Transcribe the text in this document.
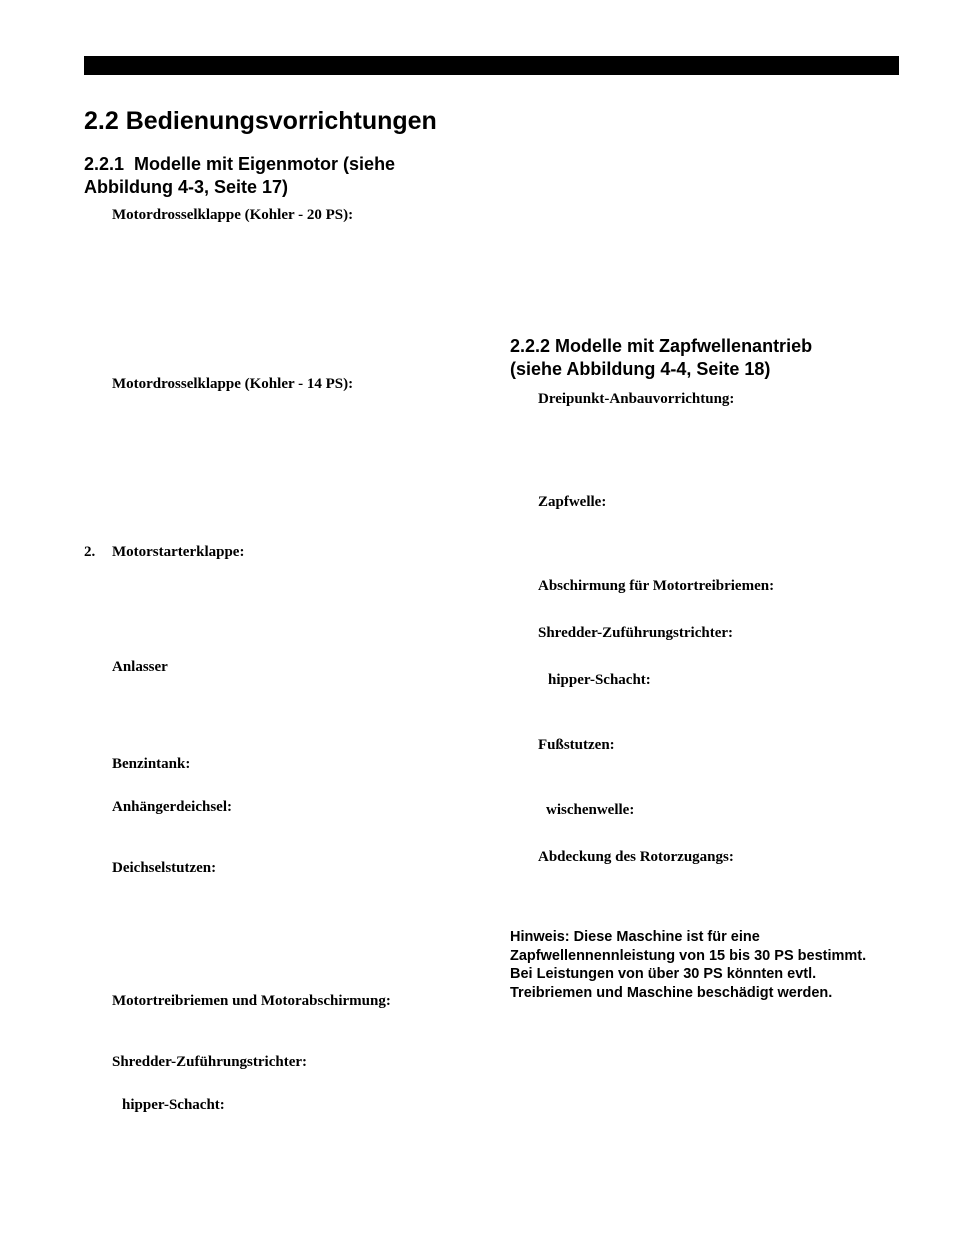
2.2 Bedienungsvorrichtungen
2.2.1  Modelle mit Eigenmotor (siehe
Abbildung 4-3, Seite 17)
Motordrosselklappe (Kohler - 20 PS):
Motordrosselklappe (Kohler - 14 PS):
2. Motorstarterklappe:
Anlasser
Benzintank:
Anhängerdeichsel:
Deichselstutzen:
Motortreibriemen und Motorabschirmung:
Shredder-Zuführungstrichter:
hipper-Schacht:
2.2.2 Modelle mit Zapfwellenantrieb
(siehe Abbildung 4-4, Seite 18)
Dreipunkt-Anbauvorrichtung:
Zapfwelle:
Abschirmung für Motortreibriemen:
Shredder-Zuführungstrichter:
hipper-Schacht:
Fußstutzen:
wischenwelle:
Abdeckung des Rotorzugangs:
Hinweis: Diese Maschine ist für eine
Zapfwellennennleistung von 15 bis 30 PS bestimmt.
Bei Leistungen von über 30 PS könnten evtl.
Treibriemen und Maschine beschädigt werden.
